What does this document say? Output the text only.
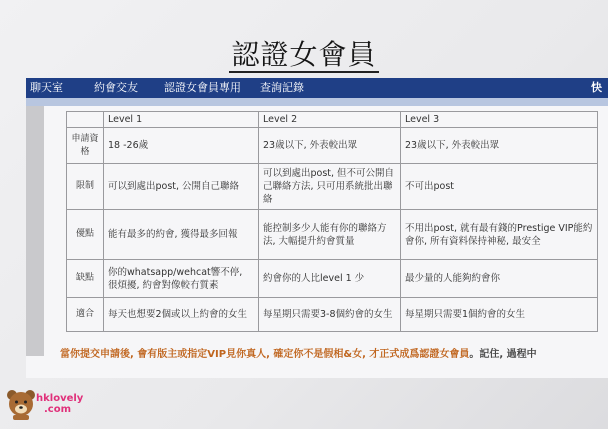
認證女會員
聊天室	約會交友 認證女會員專用 查詢記錄	快
	Level 1	Level 2	Level 3
申請資格	18 -26歲	23歲以下, 外表較出眾	23歲以下, 外表較出眾
限制	可以到處出post, 公開自己聯絡	可以到處出post, 但不可公開自己聯絡方法, 只可用系統批出聯絡	不可出post
優點	能有最多的約會, 獲得最多回報	能控制多少人能有你的聯絡方法, 大幅提升約會質量	不用出post, 就有最有錢的Prestige VIP能約會你, 所有資料保持神秘, 最安全
缺點	你的whatsapp/wehcat響不停, 很煩擾, 約會對像較冇質素	約會你的人比level 1 少	最少量的人能夠約會你
適合	每天也想要2個或以上約會的女生	每星期只需要3-8個約會的女生	每星期只需要1個約會的女生
當你提交申請後, 會有版主或指定VIP見你真人, 確定你不是假相&女, 才正式成爲認證女會員。記住, 過程中
hklovely
.com
